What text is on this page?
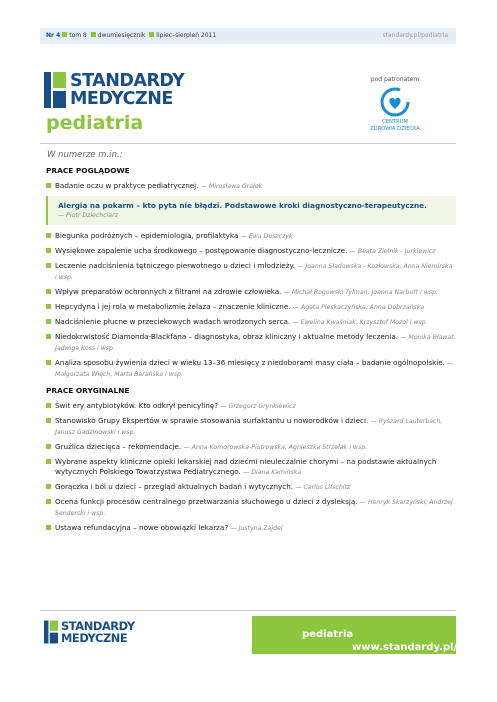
Nr 4 tom 8 dwumiesięcznik lipiec–sierpień 2011	standardy.pl/pediatria
STANDARDY
MEDYCZNE
pediatria
pod patronatem
CENTRUM
ZDROWIA DZIECKA
W numerze m.in.:
PRACE POGLĄDOWE
Badanie oczu w praktyce pediatrycznej. — Mirosława Grałek
Alergia na pokarm – kto pyta nie błądzi. Podstawowe kroki diagnostyczno-terapeutyczne.
— Piotr Dziechciarz
Biegunka podróżnych – epidemiologia, profilaktyka — Ewa Duszczyk
Wysiękowe zapalenie ucha środkowego – postępowanie diagnostyczno-lecznicze. — Beata Zielnik - Jurkiewicz
Leczenie nadciśnienia tętniczego pierwotnego u dzieci i młodzieży. — Joanna Sładowska - Kozłowska, Anna Niemirska i wsp.
Wpływ preparatów ochronnych z filtrami na zdrowie człowieka. — Michał Rogowski Tylman, Joanna Narbutt i wsp.
Hepcydyna i jej rola w metabolizmie żelaza – znaczenie kliniczne. — Agata Pleskaczyńska, Anna Dobrzańska
Nadciśnienie płucne w przeciekowych wadach wrodzonych serca. — Ewelina Kwaśniak, Krzysztof Mozol i wsp.
Niedokrwistość Diamonda-Blackfana – diagnostyka, obraz kliniczny i aktualne metody leczenia. — Monika Bławat, Jadwiga Koss i wsp.
Analiza sposobu żywienia dzieci w wieku 13–36 miesięcy z niedoborami masy ciała – badanie ogólnopolskie. — Małgorzata Więch, Marta Barańska i wsp.
PRACE ORYGINALNE
Świt ery antybiotyków. Kto odkrył penicylinę? — Grzegorz Grynkiewicz
Stanowisko Grupy Ekspertów w sprawie stosowania surfaktantu u noworodków i dzieci. — Ryszard Lauterbach, Janusz Gadzinowski i wsp.
Gruźlica dziecięca – rekomendacje. — Anna Komorowska-Piotrowska, Agnieszka Strzelak i wsp.
Wybrane aspekty kliniczne opieki lekarskiej nad dziećmi nieuleczalnie chorymi – na podstawie aktualnych wytycznych Polskiego Towarzystwa Pediatrycznego. — Diana Kamińska
Gorączka i ból u dzieci – przegląd aktualnych badań i wytycznych. — Carlos Lifschitz
Ocena funkcji procesów centralnego przetwarzania słuchowego u dzieci z dysleksją. — Henryk Skarżyński, Andrzej Senderski i wsp.
Ustawa refundacyjna – nowe obowiązki lekarza? — Justyna Zajdel
STANDARDY
MEDYCZNE
www.standardy.pl/
pediatria
